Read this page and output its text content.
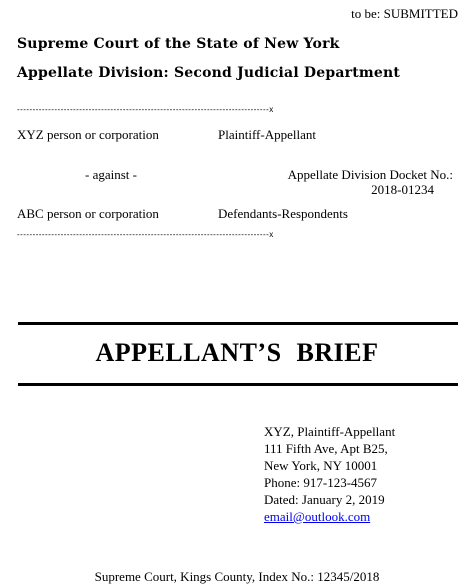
to be: SUBMITTED
Supreme Court of the State of New York
Appellate Division: Second Judicial Department
---------------------------------------------------------------------------------x
XYZ person or corporation	Plaintiff-Appellant
- against -	Appellate Division Docket No.:
2018-01234
ABC person or corporation	Defendants-Respondents
---------------------------------------------------------------------------------x
APPELLANT’S BRIEF
XYZ, Plaintiff-Appellant
111 Fifth Ave, Apt B25,
New York, NY 10001
Phone: 917-123-4567
Dated: January 2, 2019
email@outlook.com
Supreme Court, Kings County, Index No.: 12345/2018
